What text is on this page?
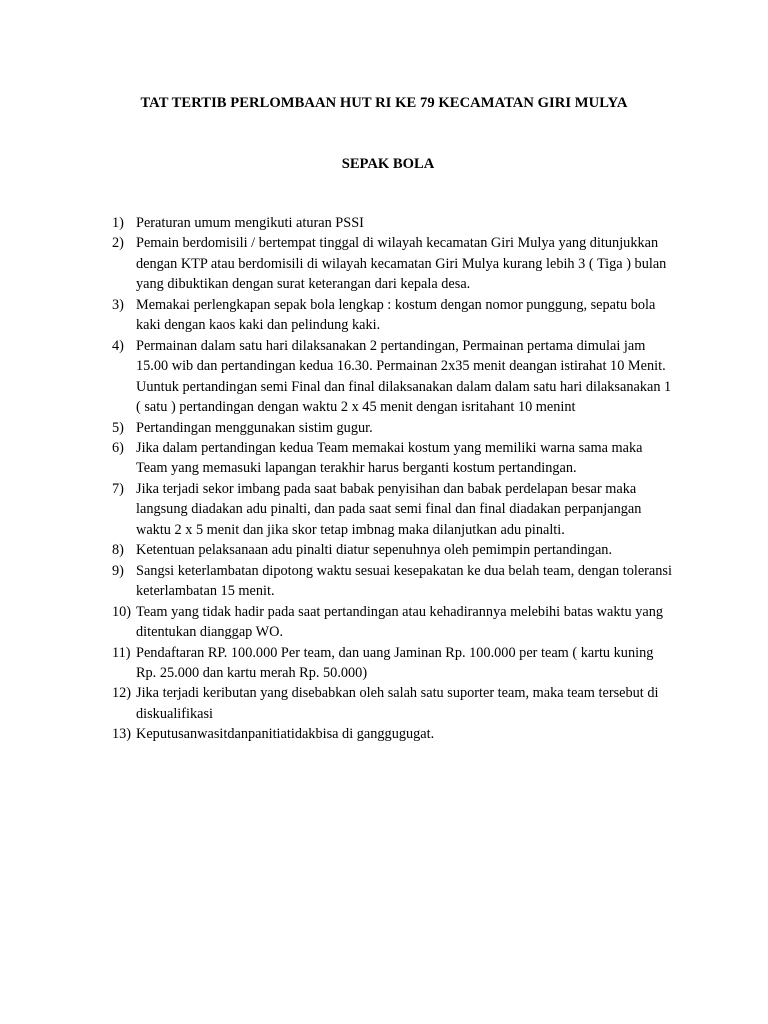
TAT TERTIB PERLOMBAAN HUT RI KE 79 KECAMATAN GIRI MULYA
SEPAK BOLA
1) Peraturan umum mengikuti aturan PSSI
2) Pemain berdomisili / bertempat tinggal di wilayah kecamatan Giri Mulya yang ditunjukkan dengan KTP atau berdomisili di wilayah kecamatan Giri Mulya kurang lebih 3 ( Tiga ) bulan yang dibuktikan dengan surat keterangan dari kepala desa.
3) Memakai perlengkapan sepak bola lengkap : kostum dengan nomor punggung, sepatu bola kaki dengan kaos kaki dan pelindung kaki.
4) Permainan dalam satu hari dilaksanakan 2 pertandingan, Permainan pertama dimulai jam 15.00 wib dan pertandingan kedua 16.30. Permainan 2x35 menit deangan istirahat 10 Menit. Uuntuk pertandingan semi Final dan final dilaksanakan dalam dalam satu hari dilaksanakan 1 ( satu ) pertandingan dengan waktu 2 x 45 menit dengan isritahant 10 menint
5) Pertandingan menggunakan sistim gugur.
6) Jika dalam pertandingan kedua Team memakai kostum yang memiliki warna sama maka Team yang memasuki lapangan terakhir harus berganti kostum pertandingan.
7) Jika terjadi sekor imbang pada saat babak penyisihan dan babak perdelapan besar maka langsung diadakan adu pinalti, dan pada saat semi final dan final diadakan perpanjangan waktu 2 x 5 menit dan jika skor tetap imbnag maka dilanjutkan adu pinalti.
8) Ketentuan pelaksanaan adu pinalti diatur sepenuhnya oleh pemimpin pertandingan.
9) Sangsi keterlambatan dipotong waktu sesuai kesepakatan ke dua belah team, dengan toleransi keterlambatan 15 menit.
10) Team yang tidak hadir pada saat pertandingan atau kehadirannya melebihi batas waktu yang ditentukan dianggap WO.
11) Pendaftaran RP. 100.000 Per team, dan uang Jaminan Rp. 100.000 per team ( kartu kuning Rp. 25.000 dan kartu merah Rp. 50.000)
12) Jika terjadi keributan yang disebabkan oleh salah satu suporter team, maka team tersebut di diskualifikasi
13) Keputusanwasitdanpanitiatidakbisa di ganggugugat.
